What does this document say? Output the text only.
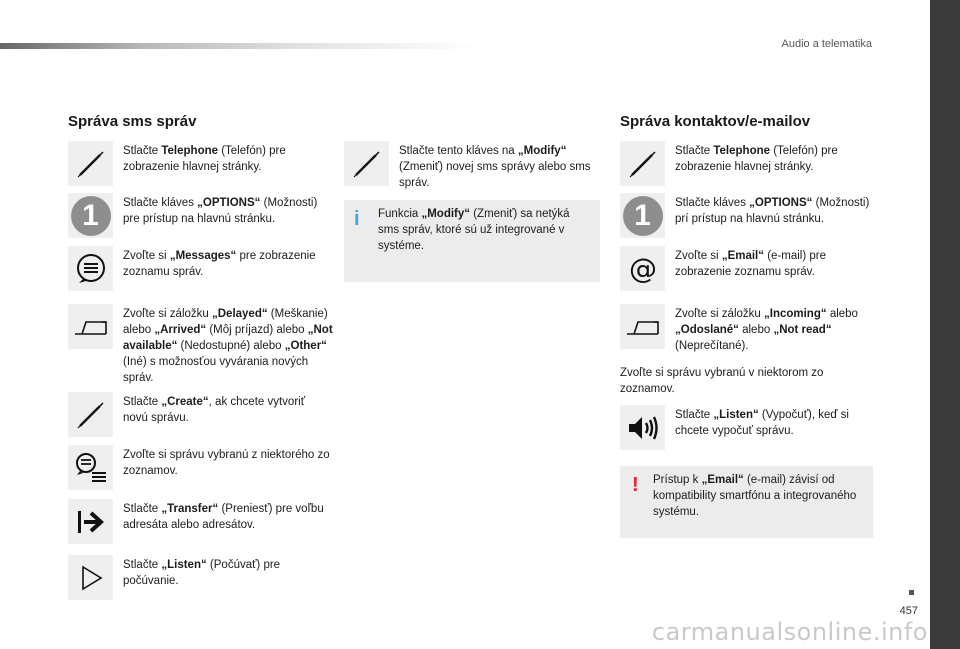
Audio a telematika
Správa sms správ
Stlačte Telephone (Telefón) pre zobrazenie hlavnej stránky.
1	Stlačte kláves „OPTIONS“ (Možnosti) pre prístup na hlavnú stránku.
Zvoľte si „Messages“ pre zobrazenie zoznamu správ.
Zvoľte si záložku „Delayed“ (Meškanie) alebo „Arrived“ (Môj príjazd) alebo „Not available“ (Nedostupné) alebo „Other“ (Iné) s možnosťou vyvárania nových správ.
Stlačte „Create“, ak chcete vytvoriť novú správu.
Zvoľte si správu vybranú z niektorého zo zoznamov.
Stlačte „Transfer“ (Preniesť) pre voľbu adresáta alebo adresátov.
Stlačte „Listen“ (Počúvať) pre počúvanie.
Stlačte tento kláves na „Modify“ (Zmeniť) novej sms správy alebo sms správ.
i Funkcia „Modify“ (Zmeniť) sa netýká sms správ, ktoré sú už integrované v systéme.
Správa kontaktov/e-mailov
Stlačte Telephone (Telefón) pre zobrazenie hlavnej stránky.
1	Stlačte kláves „OPTIONS“ (Možnosti) prí prístup na hlavnú stránku.
@ Zvoľte si „Email“ (e-mail) pre zobrazenie zoznamu správ.
Zvoľte si záložku „Incoming“ alebo „Odoslané“ alebo „Not read“ (Neprečítané).
Zvoľte si správu vybranú v niektorom zo zoznamov.
Stlačte „Listen“ (Vypočuť), keď si chcete vypočuť správu.
! Prístup k „Email“ (e-mail) závisí od kompatibility smartfónu a integrovaného systému.
457
carmanualsonline.info
